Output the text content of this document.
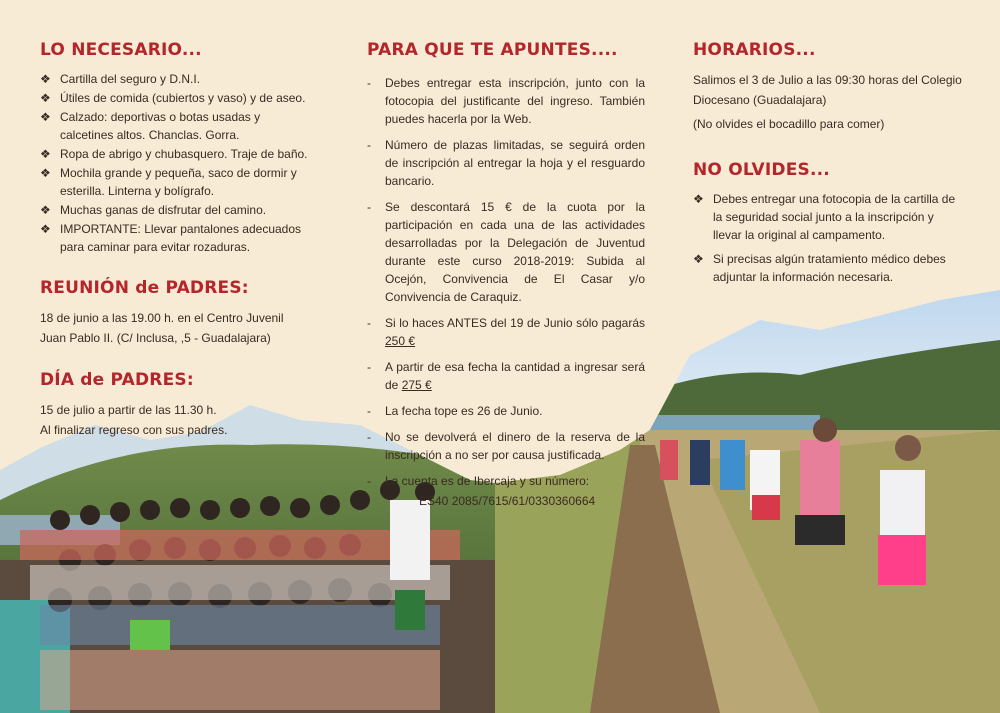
LO NECESARIO...
❖ Cartilla del seguro y D.N.I.
❖ Útiles de comida (cubiertos y vaso) y de aseo.
❖ Calzado: deportivas o botas usadas y calcetines altos. Chanclas. Gorra.
❖ Ropa de abrigo y chubasquero. Traje de baño.
❖ Mochila grande y pequeña, saco de dormir y esterilla. Linterna y bolígrafo.
❖ Muchas ganas de disfrutar del camino.
❖ IMPORTANTE: Llevar pantalones adecuados para caminar para evitar rozaduras.
REUNIÓN de PADRES:

18 de junio a las 19.00 h. en el Centro Juvenil

Juan Pablo II. (C/ Inclusa, ,5 - Guadalajara)

DÍA de PADRES:

15 de julio a partir de las 11.30 h.

Al finalizar regreso con sus padres.

PARA QUE TE APUNTES....
- Debes entregar esta inscripción, junto con la fotocopia del justificante del ingreso. También puedes hacerla por la Web.
- Número de plazas limitadas, se seguirá orden de inscripción al entregar la hoja y el resguardo bancario.
- Se descontará 15 € de la cuota por la participación en cada una de las actividades desarrolladas por la Delegación de Juventud durante este curso 2018-2019: Subida al Ocejón, Convivencia de El Casar y/o Convivencia de Caraquiz.
- Si lo haces ANTES del 19 de Junio sólo pagarás 250 €
- A partir de esa fecha la cantidad a ingresar será de 275 €
- La fecha tope es 26 de Junio.
- No se devolverá el dinero de la reserva de la inscripción a no ser por causa justificada.
- La cuenta es de Ibercaja y su número:
ES40 2085/7615/61/0330360664
HORARIOS...

Salimos el 3 de Julio a las 09:30 horas del Colegio Diocesano (Guadalajara)

(No olvides el bocadillo para comer)

NO OLVIDES...
❖ Debes entregar una fotocopia de la cartilla de la seguridad social junto a la inscripción y llevar la original al campamento.
❖ Si precisas algún tratamiento médico debes adjuntar la información necesaria.
